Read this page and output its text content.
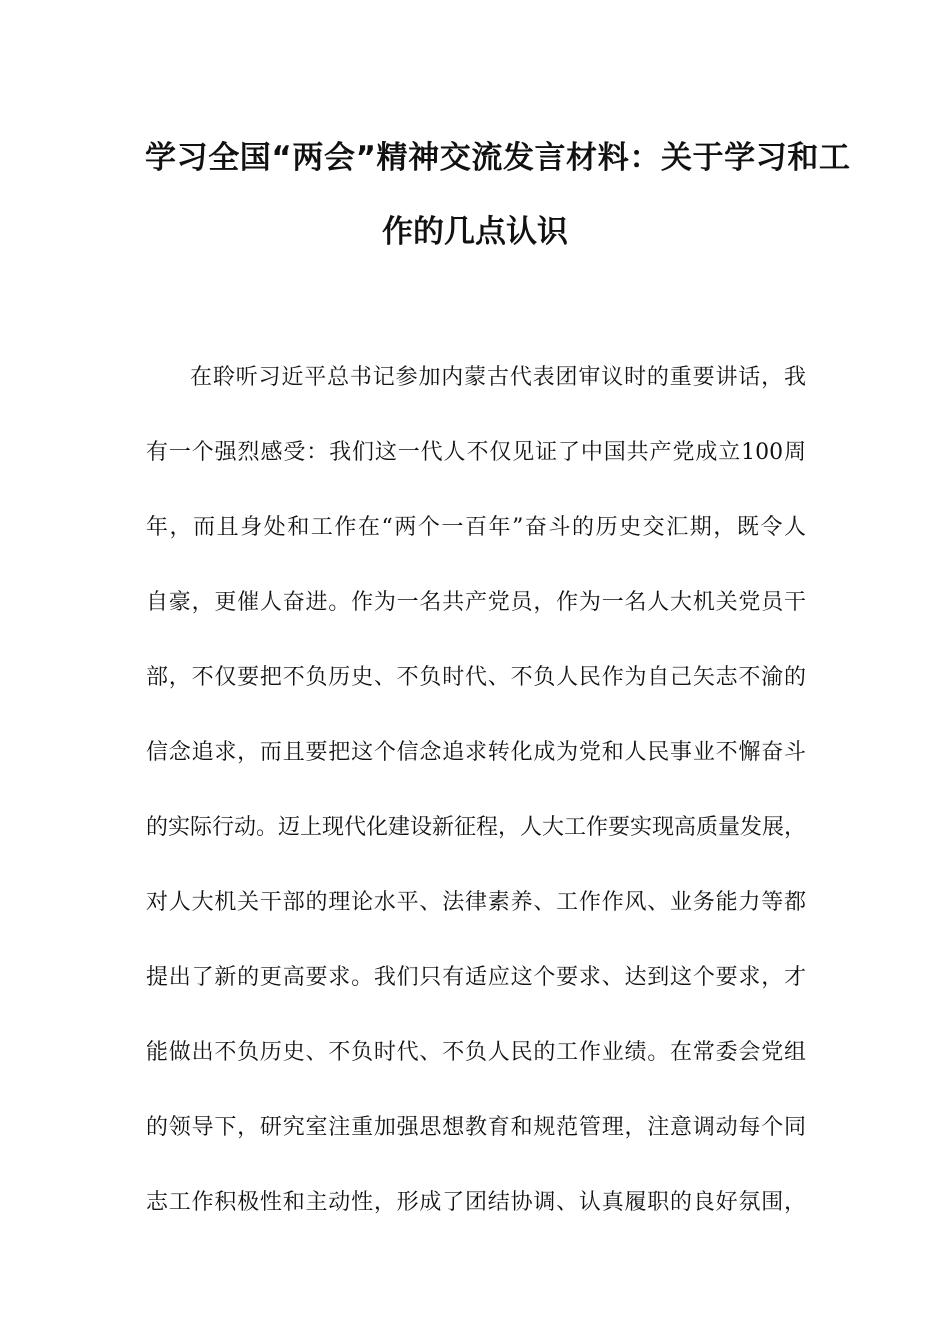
学习全国“两会”精神交流发言材料：关于学习和工
作的几点认识
在聆听习近平总书记参加内蒙古代表团审议时的重要讲话，我
有一个强烈感受：我们这一代人不仅见证了中国共产党成立100周
年，而且身处和工作在“两个一百年”奋斗的历史交汇期，既令人
自豪，更催人奋进。作为一名共产党员，作为一名人大机关党员干
部，不仅要把不负历史、不负时代、不负人民作为自己矢志不渝的
信念追求，而且要把这个信念追求转化成为党和人民事业不懈奋斗
的实际行动。迈上现代化建设新征程，人大工作要实现高质量发展，
对人大机关干部的理论水平、法律素养、工作作风、业务能力等都
提出了新的更高要求。我们只有适应这个要求、达到这个要求，才
能做出不负历史、不负时代、不负人民的工作业绩。在常委会党组
的领导下，研究室注重加强思想教育和规范管理，注意调动每个同
志工作积极性和主动性，形成了团结协调、认真履职的良好氛围，
